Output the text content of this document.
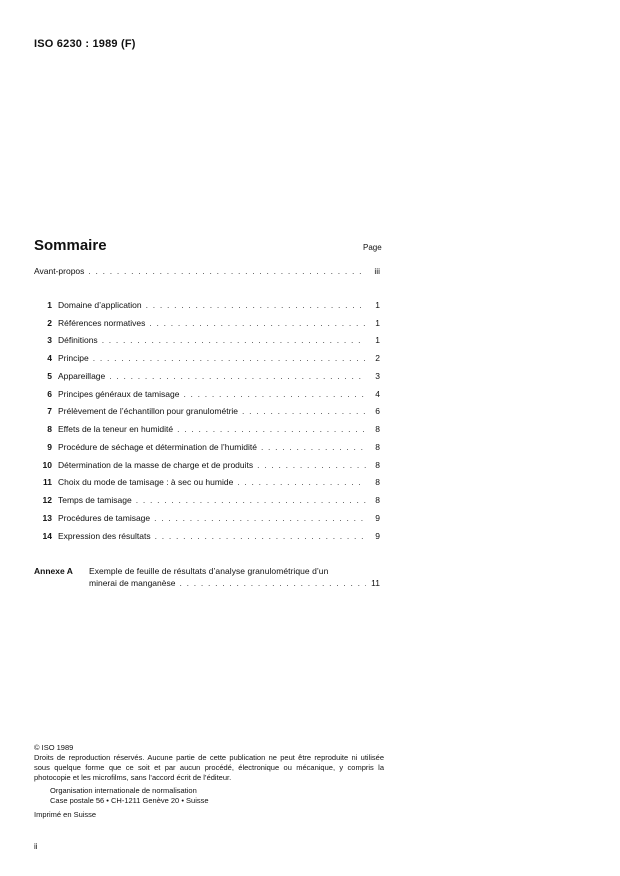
ISO 6230 : 1989 (F)
Sommaire	Page
Avant-propos . . .	iii
1 Domaine d’application . . .	1
2 Références normatives . . .	1
3 Définitions . . .	1
4 Principe . . .	2
5 Appareillage . . .	3
6 Principes généraux de tamisage . . .	4
7 Prélèvement de l’échantillon pour granulométrie . . .	6
8 Effets de la teneur en humidité . . .	8
9 Procédure de séchage et détermination de l’humidité . . .	8
10 Détermination de la masse de charge et de produits . . .	8
11 Choix du mode de tamisage : à sec ou humide . . .	8
12 Temps de tamisage . . .	8
13 Procédures de tamisage . . .	9
14 Expression des résultats . . .	9
Annexe A Exemple de feuille de résultats d’analyse granulométrique d’un
minerai de manganèse . . .	11
© ISO 1989
Droits de reproduction réservés. Aucune partie de cette publication ne peut être reproduite ni utilisée sous quelque forme que ce soit et par aucun procédé, électronique ou mécanique, y compris la photocopie et les microfilms, sans l’accord écrit de l’éditeur.
Organisation internationale de normalisation
Case postale 56 • CH-1211 Genève 20 • Suisse
Imprimé en Suisse
ii
